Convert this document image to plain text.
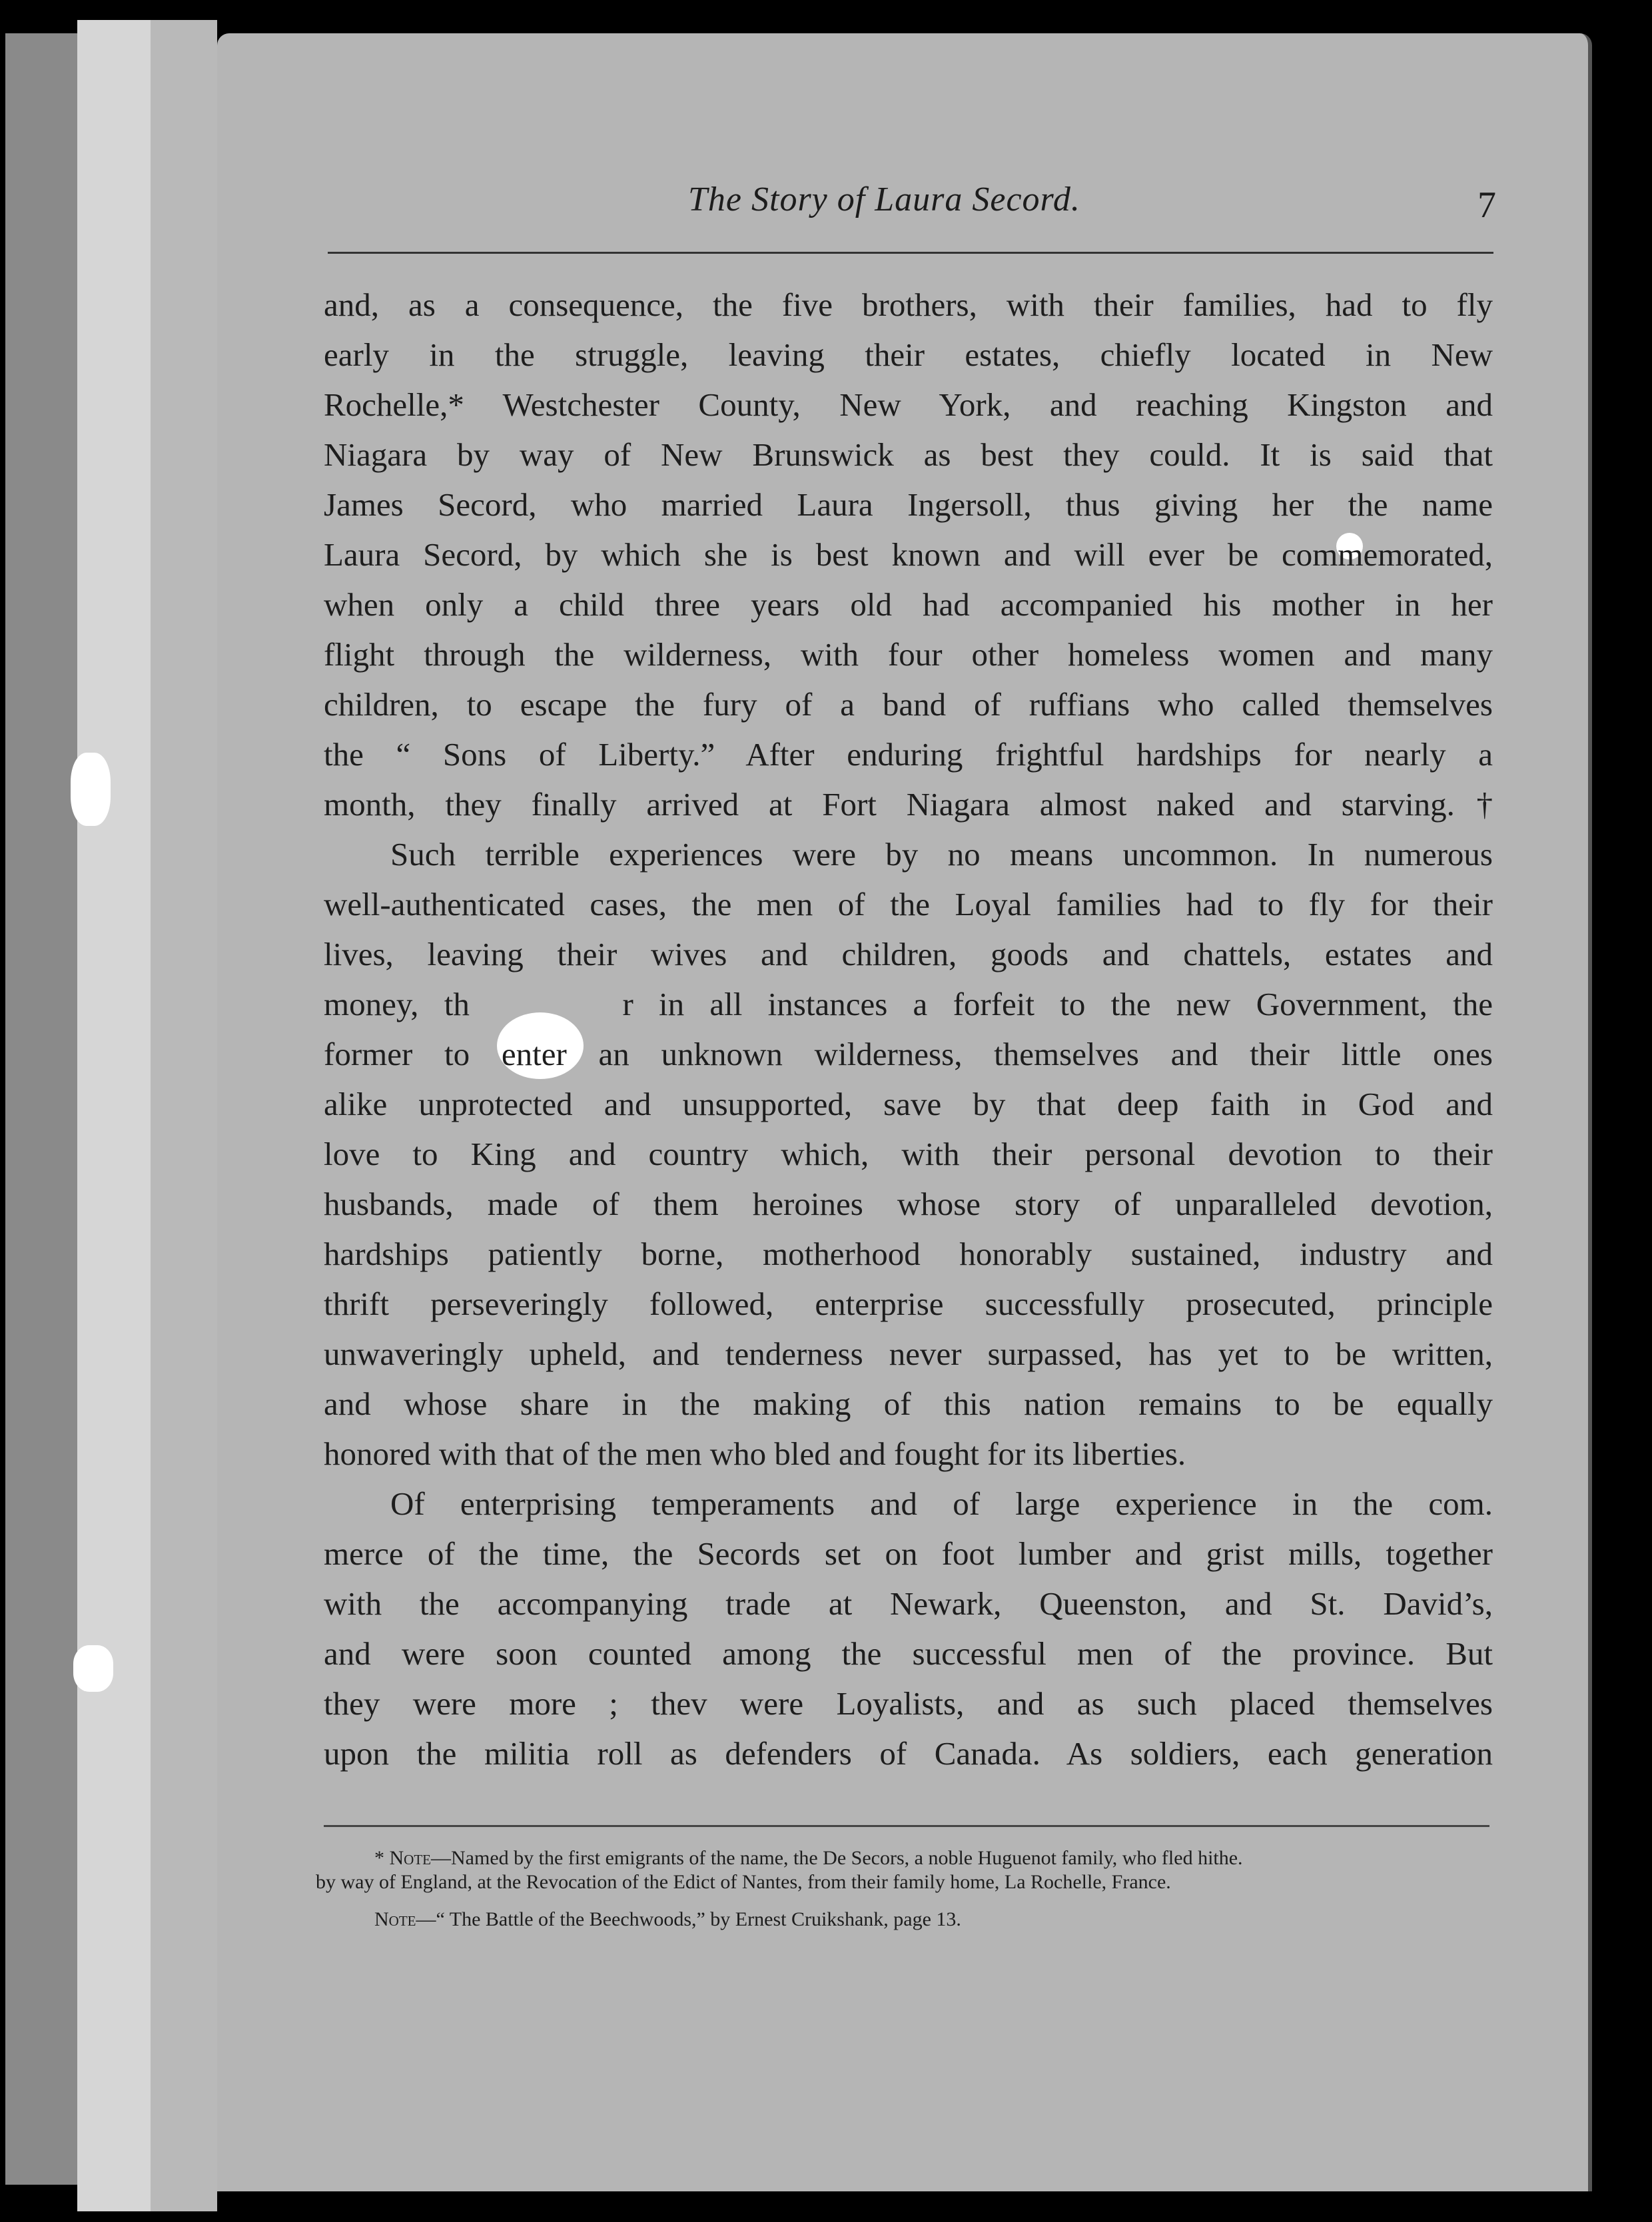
The Story of Laura Secord.	7
and, as a consequence, the five brothers, with their families, had to fly
early in the struggle, leaving their estates, chiefly located in New
Rochelle,* Westchester County, New York, and reaching Kingston and
Niagara by way of New Brunswick as best they could. It is said that
James Secord, who married Laura Ingersoll, thus giving her the name
Laura Secord, by which she is best known and will ever be commemorated,
when only a child three years old had accompanied his mother in her
flight through the wilderness, with four other homeless women and many
children, to escape the fury of a band of ruffians who called themselves
the “ Sons of Liberty.” After enduring frightful hardships for nearly a
month, they finally arrived at Fort Niagara almost naked and starving.†
Such terrible experiences were by no means uncommon. In numerous
well-authenticated cases, the men of the Loyal families had to fly for their
lives, leaving their wives and children, goods and chattels, estates and
money, th      r in all instances a forfeit to the new Government, the
former to enter an unknown wilderness, themselves and their little ones
alike unprotected and unsupported, save by that deep faith in God and
love to King and country which, with their personal devotion to their
husbands, made of them heroines whose story of unparalleled devotion,
hardships patiently borne, motherhood honorably sustained, industry and
thrift perseveringly followed, enterprise successfully prosecuted, principle
unwaveringly upheld, and tenderness never surpassed, has yet to be written,
and whose share in the making of this nation remains to be equally
honored with that of the men who bled and fought for its liberties.
Of enterprising temperaments and of large experience in the com.
merce of the time, the Secords set on foot lumber and grist mills, together
with the accompanying trade at Newark, Queenston, and St. David’s,
and were soon counted among the successful men of the province. But
they were more ; thev were Loyalists, and as such placed themselves
upon the militia roll as defenders of Canada. As soldiers, each generation
* Note—Named by the first emigrants of the name, the De Secors, a noble Huguenot family, who fled hithe.
by way of England, at the Revocation of the Edict of Nantes, from their family home, La Rochelle, France.
Note—“ The Battle of the Beechwoods,” by Ernest Cruikshank, page 13.
